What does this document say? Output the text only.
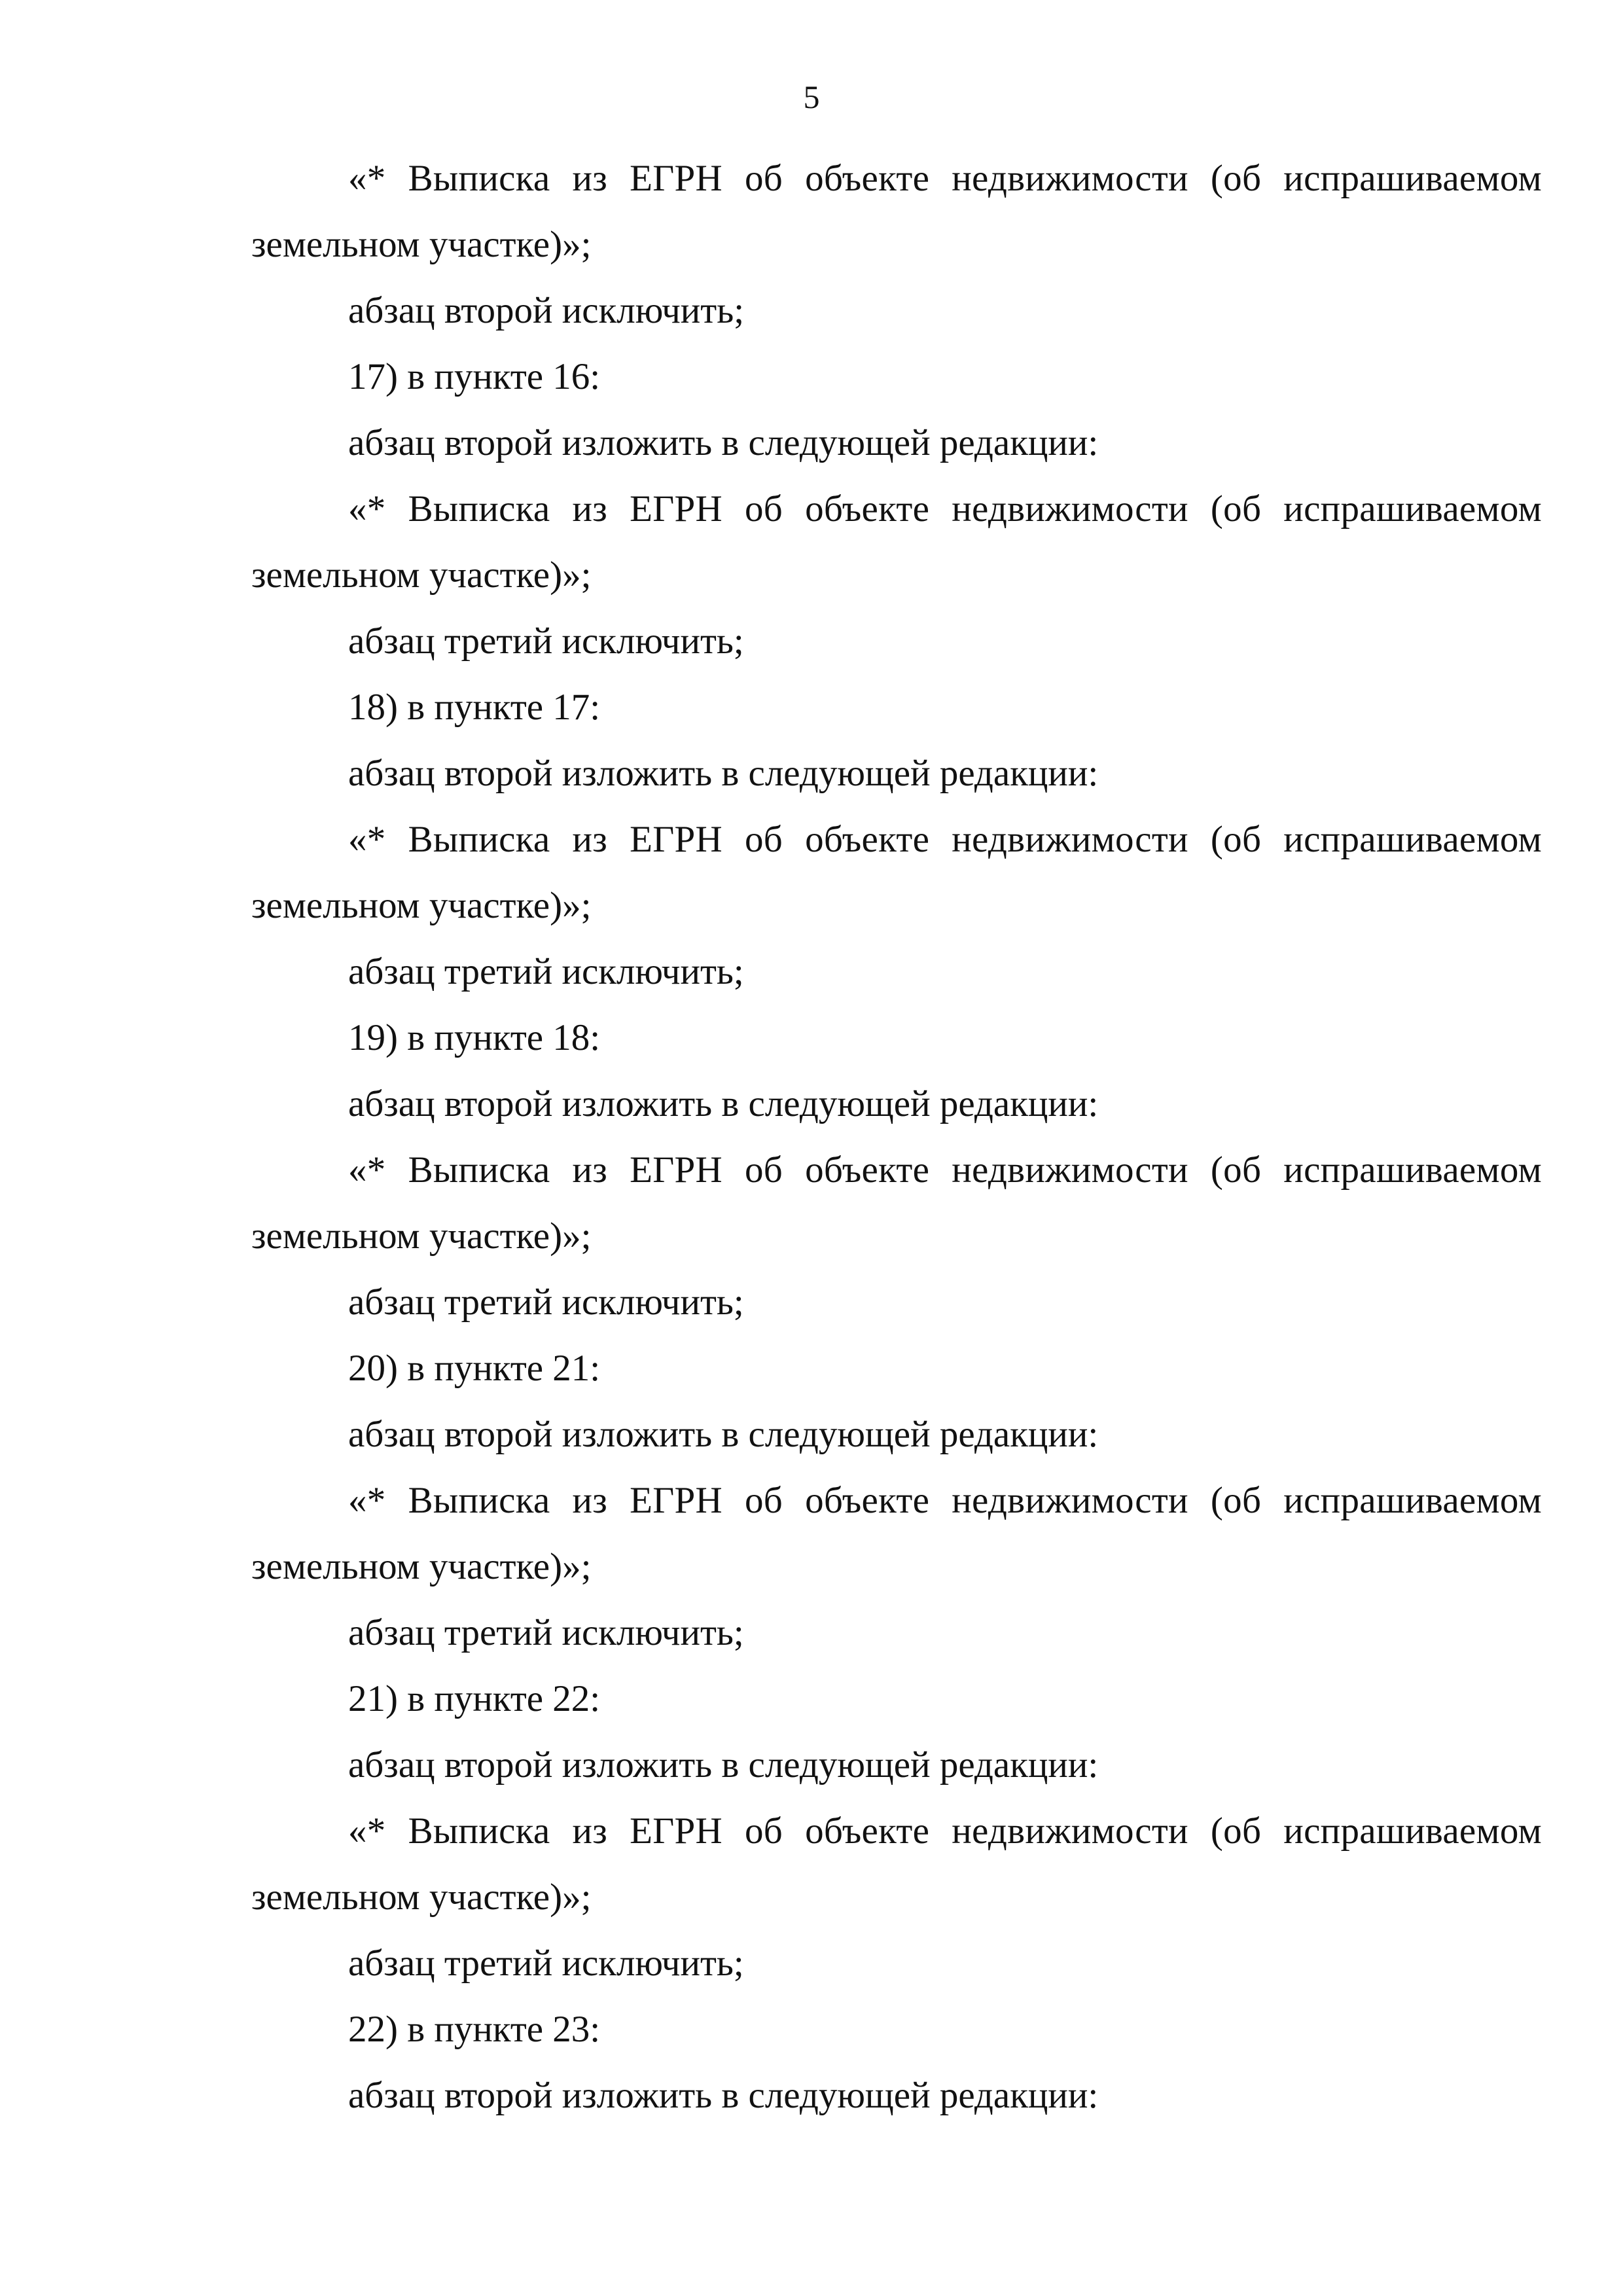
5
«* Выписка из ЕГРН об объекте недвижимости (об испрашиваемом
земельном участке)»;
абзац второй исключить;
17) в пункте 16:
абзац второй изложить в следующей редакции:
«* Выписка из ЕГРН об объекте недвижимости (об испрашиваемом
земельном участке)»;
абзац третий исключить;
18) в пункте 17:
абзац второй изложить в следующей редакции:
«* Выписка из ЕГРН об объекте недвижимости (об испрашиваемом
земельном участке)»;
абзац третий исключить;
19) в пункте 18:
абзац второй изложить в следующей редакции:
«* Выписка из ЕГРН об объекте недвижимости (об испрашиваемом
земельном участке)»;
абзац третий исключить;
20) в пункте 21:
абзац второй изложить в следующей редакции:
«* Выписка из ЕГРН об объекте недвижимости (об испрашиваемом
земельном участке)»;
абзац третий исключить;
21) в пункте 22:
абзац второй изложить в следующей редакции:
«* Выписка из ЕГРН об объекте недвижимости (об испрашиваемом
земельном участке)»;
абзац третий исключить;
22) в пункте 23:
абзац второй изложить в следующей редакции:
